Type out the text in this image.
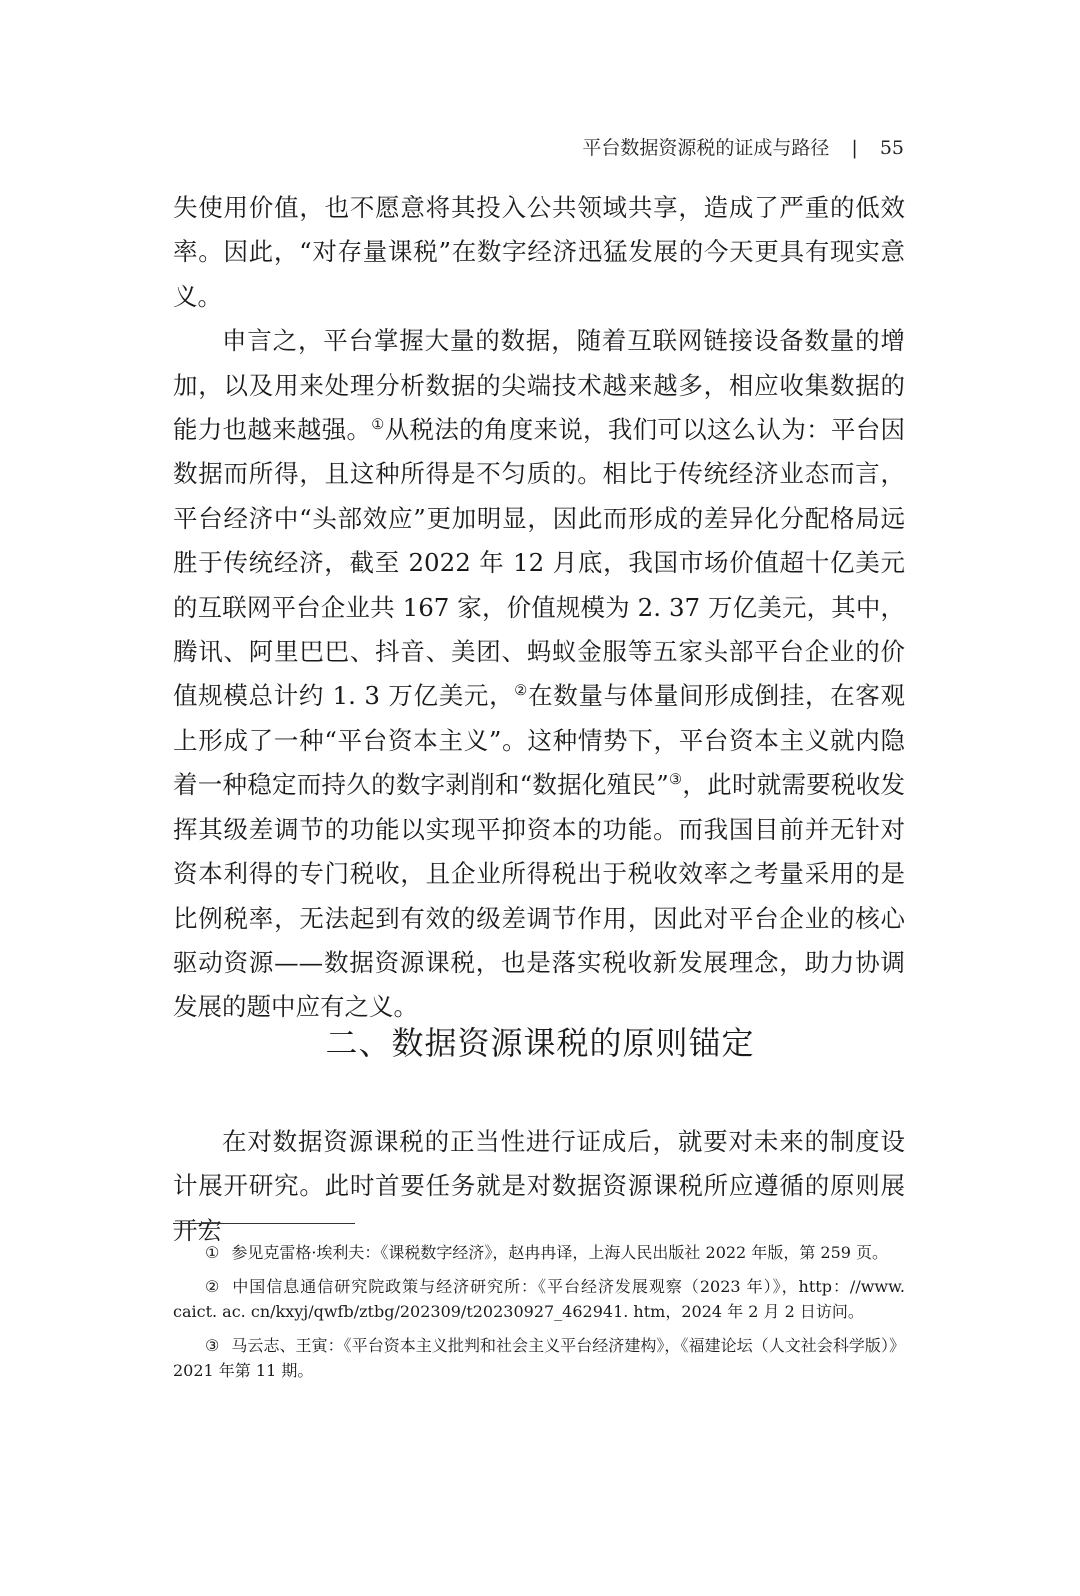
平台数据资源税的证成与路径 | 55

失使用价值，也不愿意将其投入公共领域共享，造成了严重的低效率。因此，“对存量课税”在数字经济迅猛发展的今天更具有现实意义。

申言之，平台掌握大量的数据，随着互联网链接设备数量的增加，以及用来处理分析数据的尖端技术越来越多，相应收集数据的能力也越来越强。①从税法的角度来说，我们可以这么认为：平台因数据而所得，且这种所得是不匀质的。相比于传统经济业态而言，平台经济中“头部效应”更加明显，因此而形成的差异化分配格局远胜于传统经济，截至 2022 年 12 月底，我国市场价值超十亿美元的互联网平台企业共 167 家，价值规模为 2. 37 万亿美元，其中，腾讯、阿里巴巴、抖音、美团、蚂蚁金服等五家头部平台企业的价值规模总计约 1. 3 万亿美元，②在数量与体量间形成倒挂，在客观上形成了一种“平台资本主义”。这种情势下，平台资本主义就内隐着一种稳定而持久的数字剥削和“数据化殖民”③，此时就需要税收发挥其级差调节的功能以实现平抑资本的功能。而我国目前并无针对资本利得的专门税收，且企业所得税出于税收效率之考量采用的是比例税率，无法起到有效的级差调节作用，因此对平台企业的核心驱动资源——数据资源课税，也是落实税收新发展理念，助力协调发展的题中应有之义。

二、数据资源课税的原则锚定

在对数据资源课税的正当性进行证成后，就要对未来的制度设计展开研究。此时首要任务就是对数据资源课税所应遵循的原则展开宏

① 参见克雷格·埃利夫：《课税数字经济》，赵冉冉译，上海人民出版社 2022 年版，第 259 页。

② 中国信息通信研究院政策与经济研究所：《平台经济发展观察（2023 年）》，http：//www. caict. ac. cn/kxyj/qwfb/ztbg/202309/t20230927_462941. htm，2024 年 2 月 2 日访问。

③ 马云志、王寅：《平台资本主义批判和社会主义平台经济建构》，《福建论坛（人文社会科学版）》2021 年第 11 期。
